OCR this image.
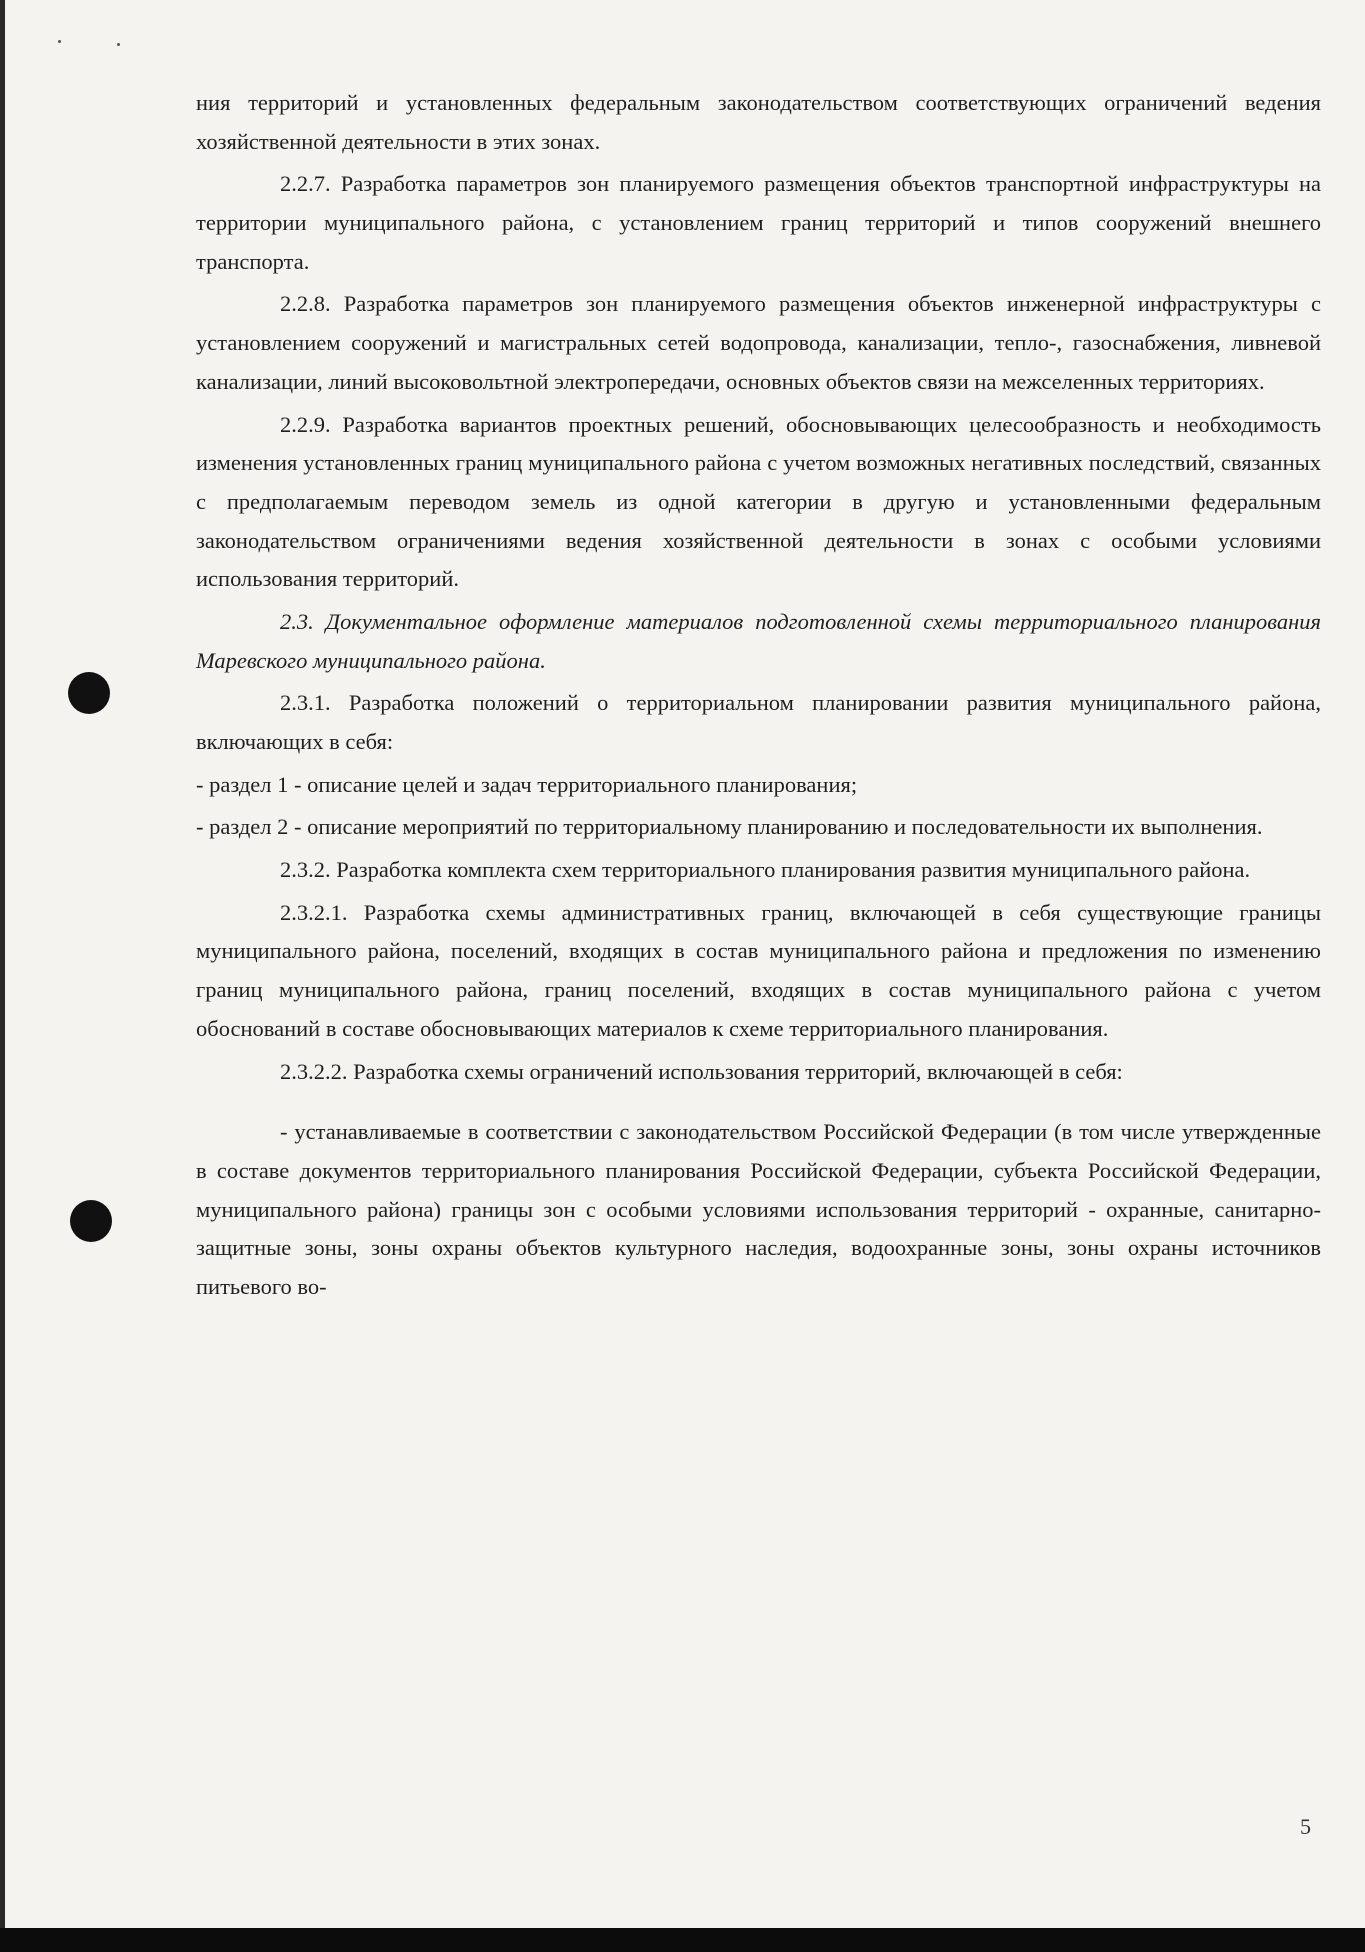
ния территорий и установленных федеральным законодательством соответствующих ограничений ведения хозяйственной деятельности в этих зонах.

2.2.7. Разработка параметров зон планируемого размещения объектов транспортной инфраструктуры на территории муниципального района, с установлением границ территорий и типов сооружений внешнего транспорта.

2.2.8. Разработка параметров зон планируемого размещения объектов инженерной инфраструктуры с установлением сооружений и магистральных сетей водопровода, канализации, тепло-, газоснабжения, ливневой канализации, линий высоковольтной электропередачи, основных объектов связи на межселенных территориях.

2.2.9. Разработка вариантов проектных решений, обосновывающих целесообразность и необходимость изменения установленных границ муниципального района с учетом возможных негативных последствий, связанных с предполагаемым переводом земель из одной категории в другую и установленными федеральным законодательством ограничениями ведения хозяйственной деятельности в зонах с особыми условиями использования территорий.

2.3. Документальное оформление материалов подготовленной схемы территориального планирования Маревского муниципального района.

2.3.1. Разработка положений о территориальном планировании развития муниципального района, включающих в себя:

- раздел 1 - описание целей и задач территориального планирования;

- раздел 2 - описание мероприятий по территориальному планированию и последовательности их выполнения.

2.3.2. Разработка комплекта схем территориального планирования развития муниципального района.

2.3.2.1. Разработка схемы административных границ, включающей в себя существующие границы муниципального района, поселений, входящих в состав муниципального района и предложения по изменению границ муниципального района, границ поселений, входящих в состав муниципального района с учетом обоснований в составе обосновывающих материалов к схеме территориального планирования.

2.3.2.2. Разработка схемы ограничений использования территорий, включающей в себя:

- устанавливаемые в соответствии с законодательством Российской Федерации (в том числе утвержденные в составе документов территориального планирования Российской Федерации, субъекта Российской Федерации, муниципального района) границы зон с особыми условиями использования территорий - охранные, санитарно-защитные зоны, зоны охраны объектов культурного наследия, водоохранные зоны, зоны охраны источников питьевого во-

5
